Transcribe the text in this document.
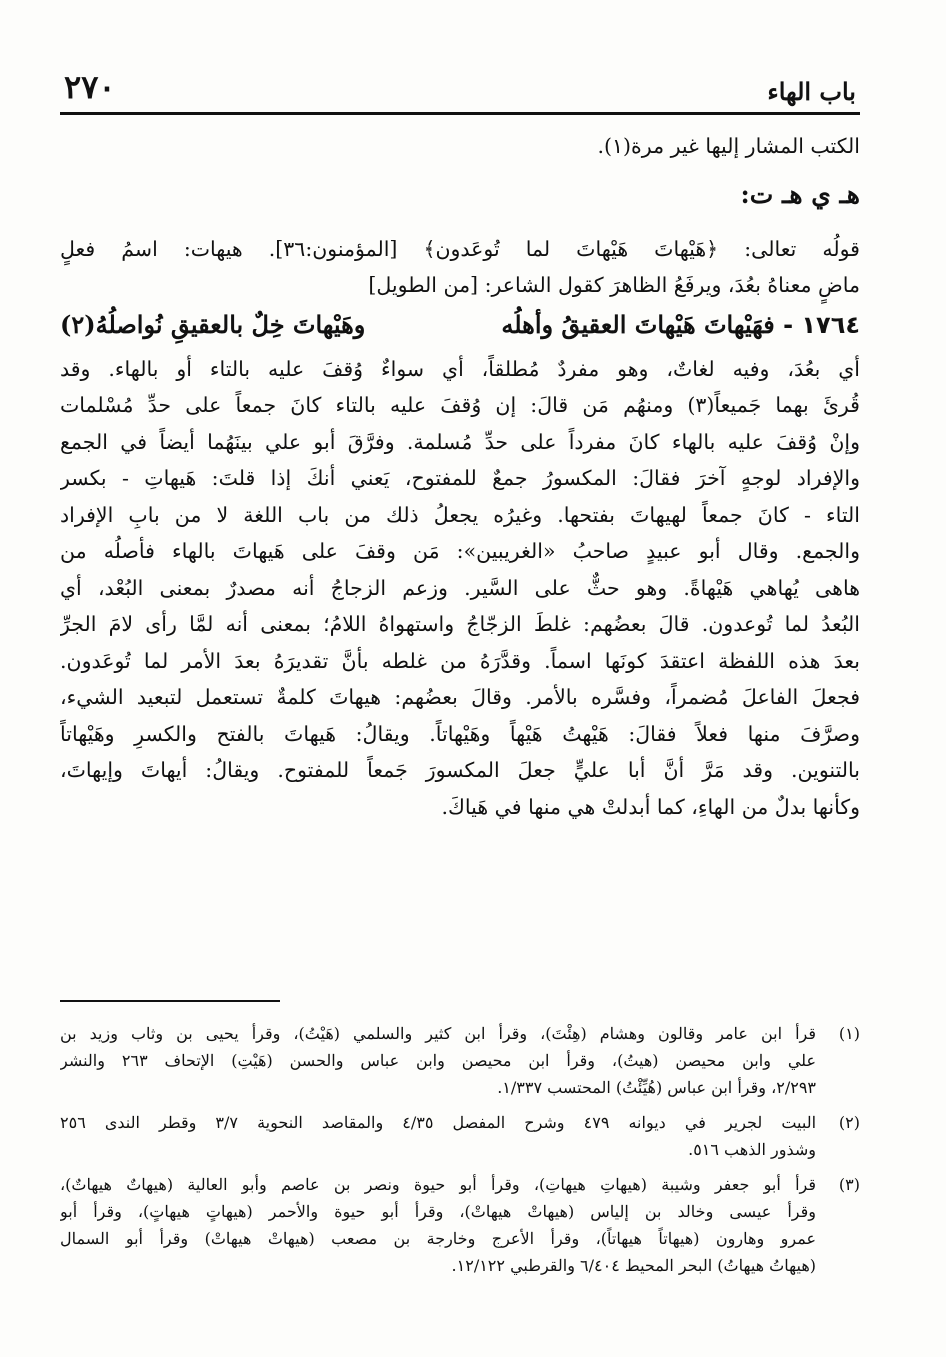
باب الهاء
٢٧٠
الكتب المشار إليها غير مرة(١).
هـ ي هـ ت:
قولُه تعالى: ﴿هَيْهاتَ هَيْهاتَ لما تُوعَدون﴾ [المؤمنون:٣٦]. هيهات: اسمُ فعلٍ
ماضٍ معناهُ بعُدَ، ويرفَعُ الظاهرَ كقول الشاعر: [من الطويل]
١٧٦٤ - فهَيْهاتَ هَيْهاتَ العقيقُ وأهلُه
وهَيْهاتَ خِلٌ بالعقيقِ نُواصلُهُ(٢)
أي بعُدَ، وفيه لغاتٌ، وهو مفردٌ مُطلقاً، أي سواءٌ وُقفَ عليه بالتاء أو بالهاء. وقد
قُرئَ بهما جَميعاً(٣) ومنهُم مَن قالَ: إن وُقفَ عليه بالتاء كانَ جمعاً على حدِّ مُسْلمات
وإنْ وُقفَ عليه بالهاء كانَ مفرداً على حدِّ مُسلمة. وفرَّقَ أبو علي بينَهُما أيضاً في الجمع
والإفراد لوجهٍ آخرَ فقالَ: المكسورُ جمعٌ للمفتوح، يَعني أنكَ إذا قلتَ: هَيهاتِ - بكسر
التاء - كانَ جمعاً لهيهاتَ بفتحها. وغيرُه يجعلُ ذلك من باب اللغة لا من بابِ الإفراد
والجمع. وقال أبو عبيدٍ صاحبُ «الغريبين»: مَن وقفَ على هَيهاتَ بالهاء فأصلُه من
هاهى يُهاهي هَيْهاةً. وهو حثٌّ على السَّير. وزعم الزجاجُ أنه مصدرٌ بمعنى البُعْد، أي
البُعدُ لما تُوعدون. قالَ بعضُهم: غلطَ الزجّاجُ واستهواهُ اللامُ؛ بمعنى أنه لمَّا رأى لامَ الجرِّ
بعدَ هذه اللفظة اعتقدَ كونَها اسماً. وقدَّرَهُ من غلطه بأنَّ تقديرَهُ بعدَ الأمر لما تُوعَدون.
فجعلَ الفاعلَ مُضمراً، وفسَّره بالأمر. وقالَ بعضُهم: هيهاتَ كلمةٌ تستعمل لتبعيد الشيء،
وصرَّفَ منها فعلاً فقالَ: هَيْهتُ هَيْهاً وهَيْهاتاً. ويقالُ: هَيهاتَ بالفتح والكسرِ وهَيْهاتاً
بالتنوين. وقد مَرَّ أنَّ أبا عليٍّ جعلَ المكسورَ جَمعاً للمفتوح. ويقالُ: أيهاتَ وإيهاتَ،
وكأنها بدلٌ من الهاءِ، كما أبدلتْ هي منها في هَياكَ.
(١)
قرأ ابن عامر وقالون وهشام (هِئْتَ)، وقرأ ابن كثير والسلمي (هَيْتُ)، وقرأ يحيى بن وثاب وزيد بن
علي وابن محيصن (هيتُ)، وقرأ ابن محيصن وابن عباس والحسن (هَيْتِ) الإتحاف ٢٦٣ والنشر
٢/٢٩٣، وقرأ ابن عباس (هُيِّئْتُ) المحتسب ١/٣٣٧.
(٢)
البيت لجرير في ديوانه ٤٧٩ وشرح المفصل ٤/٣٥ والمقاصد النحوية ٣/٧ وقطر الندى ٢٥٦
وشذور الذهب ٥١٦.
(٣)
قرأ أبو جعفر وشيبة (هيهاتِ هيهاتِ)، وقرأ أبو حيوة ونصر بن عاصم وأبو العالية (هيهاتٌ هيهاتٌ)،
وقرأ عيسى وخالد بن إلياس (هيهاتْ هيهاتْ)، وقرأ أبو حيوة والأحمر (هيهاتٍ هيهاتٍ)، وقرأ أبو
عمرو وهارون (هيهاتاً هيهاتاً)، وقرأ الأعرج وخارجة بن مصعب (هيهاتْ هيهاتْ) وقرأ أبو السمال
(هيهاتُ هيهاتُ) البحر المحيط ٦/٤٠٤ والقرطبي ١٢/١٢٢.
